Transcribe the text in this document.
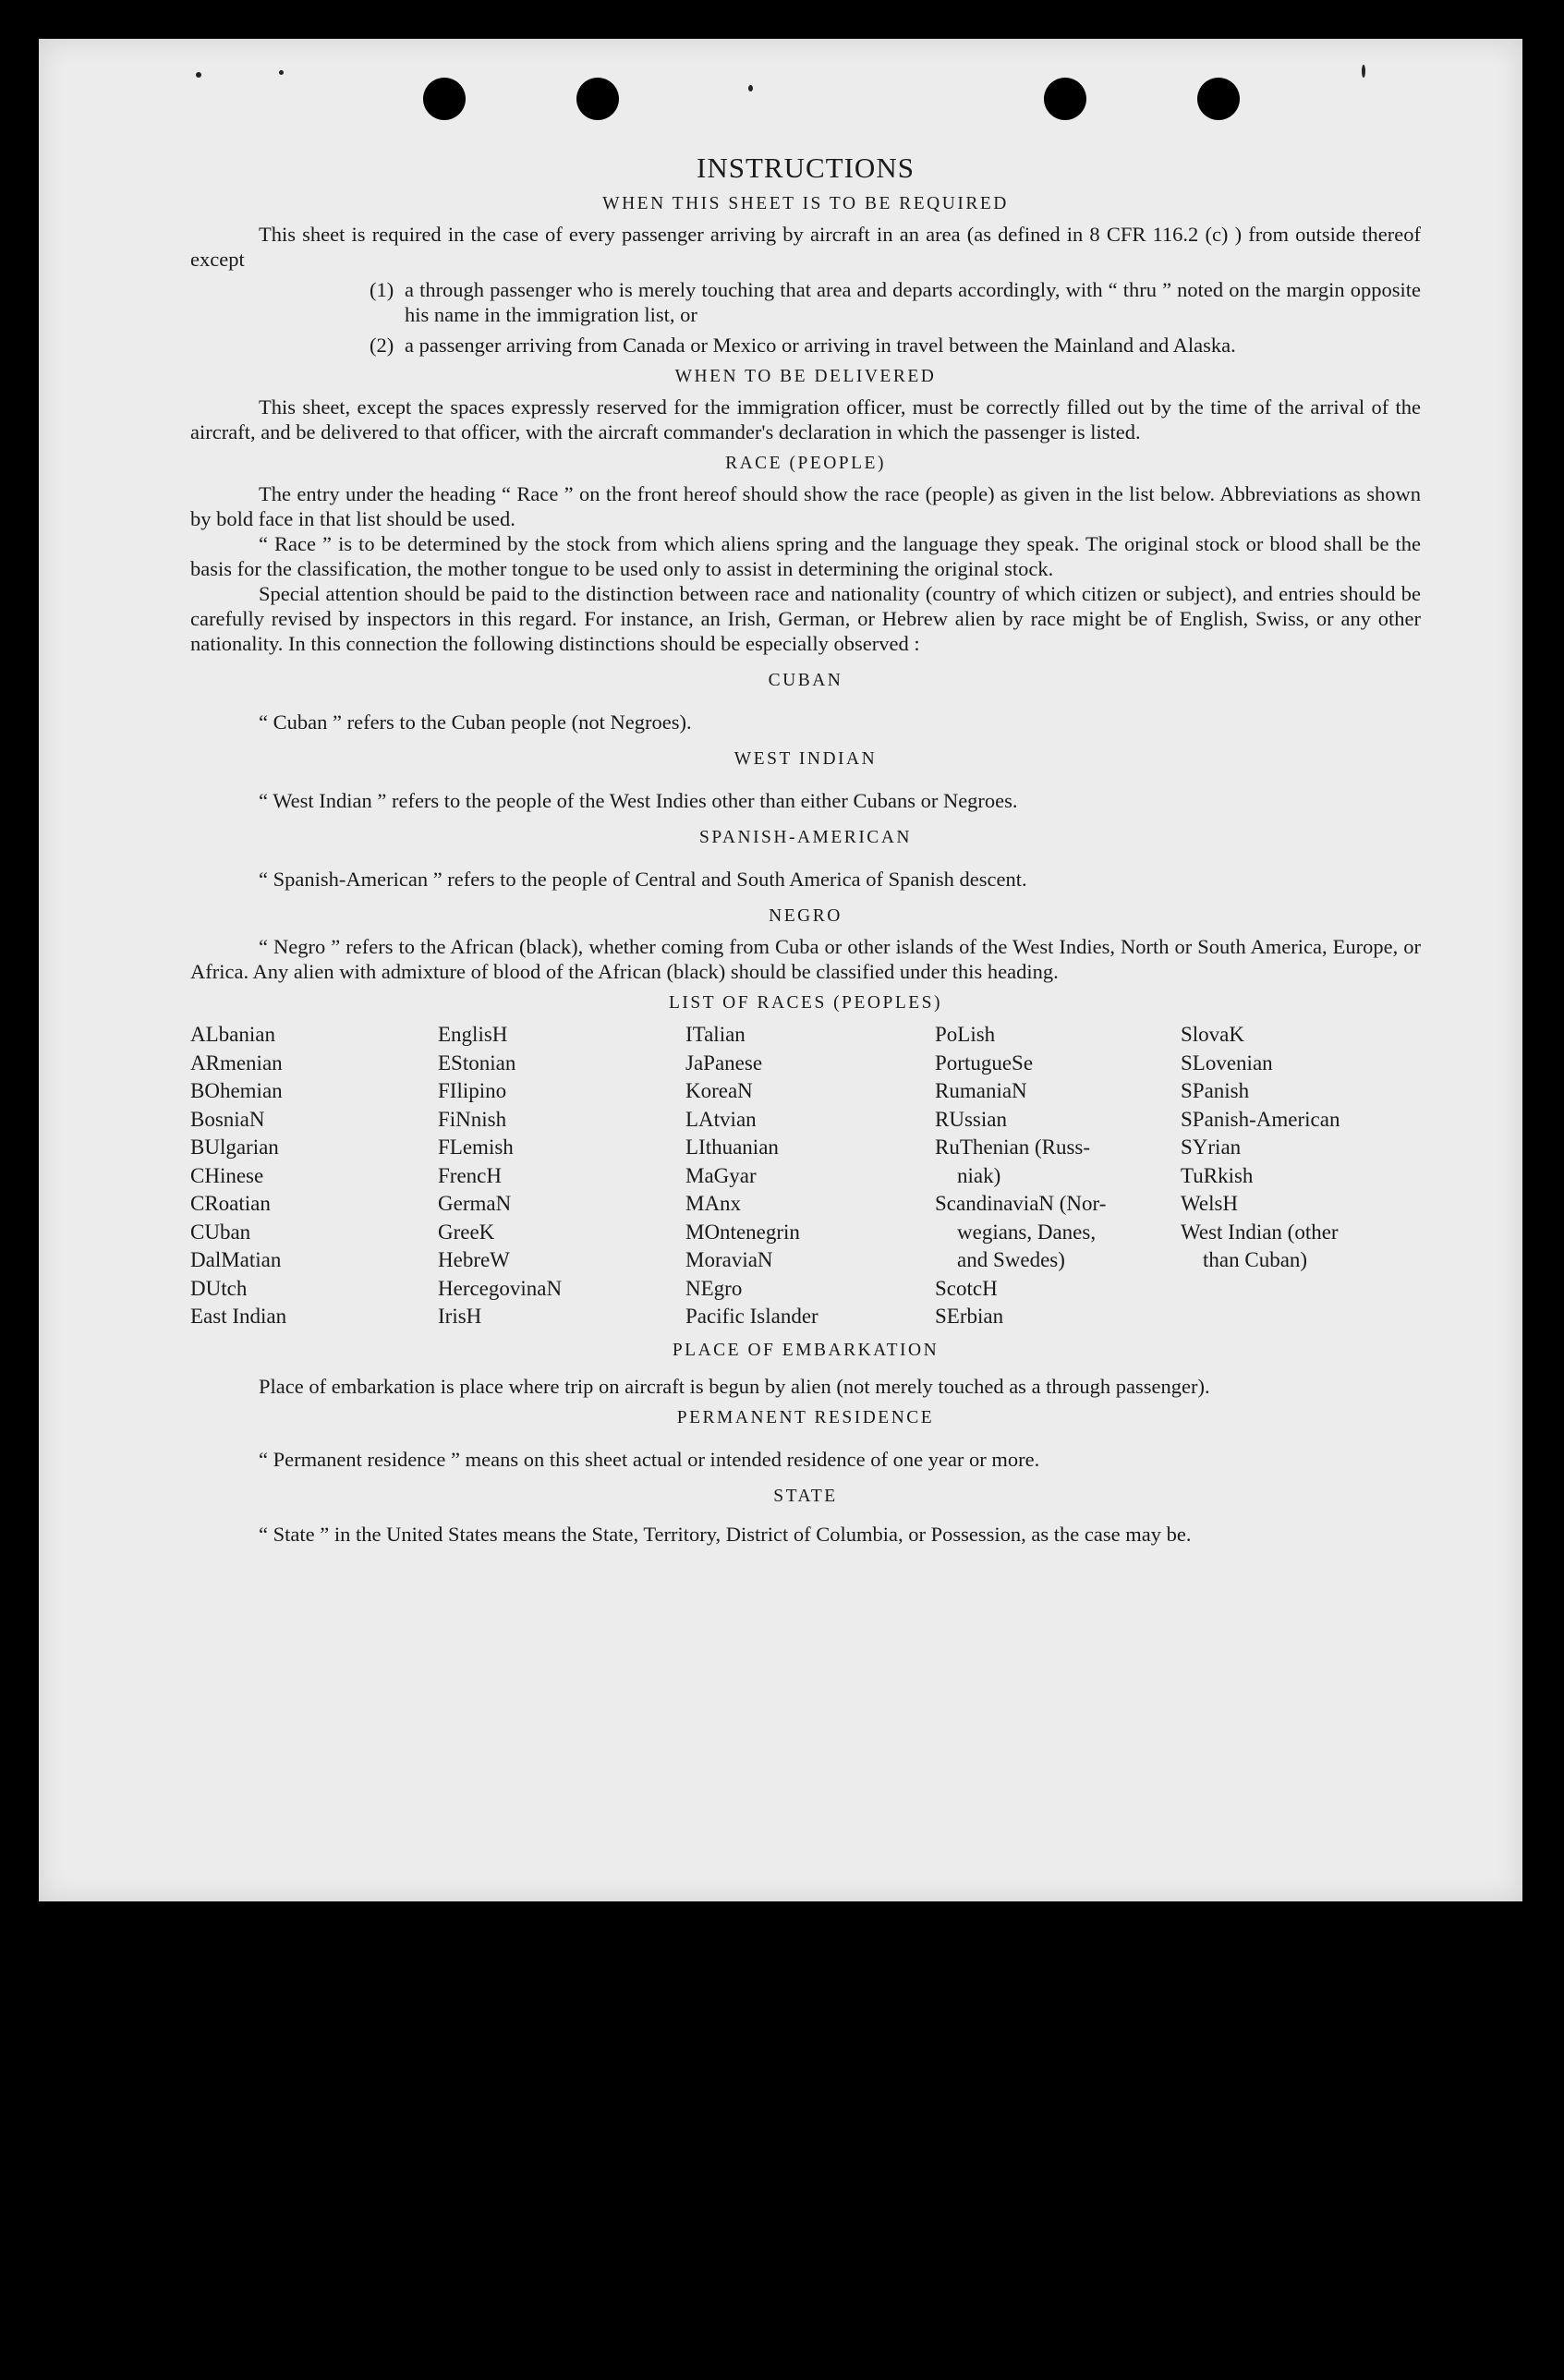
INSTRUCTIONS
WHEN THIS SHEET IS TO BE REQUIRED

This sheet is required in the case of every passenger arriving by aircraft in an area (as defined in 8 CFR 116.2 (c) ) from outside thereof except

(1) a through passenger who is merely touching that area and departs accordingly, with “ thru ” noted on the margin opposite his name in the immigration list, or
(2) a passenger arriving from Canada or Mexico or arriving in travel between the Mainland and Alaska.
WHEN TO BE DELIVERED

This sheet, except the spaces expressly reserved for the immigration officer, must be correctly filled out by the time of the arrival of the aircraft, and be delivered to that officer, with the aircraft commander's declaration in which the passenger is listed.

RACE (PEOPLE)

The entry under the heading “ Race ” on the front hereof should show the race (people) as given in the list below. Abbreviations as shown by bold face in that list should be used.

“ Race ” is to be determined by the stock from which aliens spring and the language they speak. The original stock or blood shall be the basis for the classification, the mother tongue to be used only to assist in determining the original stock.

Special attention should be paid to the distinction between race and nationality (country of which citizen or subject), and entries should be carefully revised by inspectors in this regard. For instance, an Irish, German, or Hebrew alien by race might be of English, Swiss, or any other nationality. In this connection the following distinctions should be especially observed :

CUBAN

“ Cuban ” refers to the Cuban people (not Negroes).

WEST INDIAN

“ West Indian ” refers to the people of the West Indies other than either Cubans or Negroes.

SPANISH-AMERICAN

“ Spanish-American ” refers to the people of Central and South America of Spanish descent.

NEGRO

“ Negro ” refers to the African (black), whether coming from Cuba or other islands of the West Indies, North or South America, Europe, or Africa. Any alien with admixture of blood of the African (black) should be classified under this heading.

LIST OF RACES (PEOPLES)
ALbanian
ARmenian
BOhemian
BosniaN
BUlgarian
CHinese
CRoatian
CUban
DalMatian
DUtch
East Indian
EnglisH
EStonian
FIlipino
FiNnish
FLemish
FrencH
GermaN
GreeK
HebreW
HercegovinaN
IrisH
ITalian
JaPanese
KoreaN
LAtvian
LIthuanian
MaGyar
MAnx
MOntenegrin
MoraviaN
NEgro
Pacific Islander
PoLish
PortugueSe
RumaniaN
RUssian
RuThenian (Russ-
niak)
ScandinaviaN (Nor-
wegians, Danes,
and Swedes)
ScotcH
SErbian
SlovaK
SLovenian
SPanish
SPanish-American
SYrian
TuRkish
WelsH
West Indian (other
than Cuban)
PLACE OF EMBARKATION

Place of embarkation is place where trip on aircraft is begun by alien (not merely touched as a through passenger).

PERMANENT RESIDENCE

“ Permanent residence ” means on this sheet actual or intended residence of one year or more.

STATE

“ State ” in the United States means the State, Territory, District of Columbia, or Possession, as the case may be.
